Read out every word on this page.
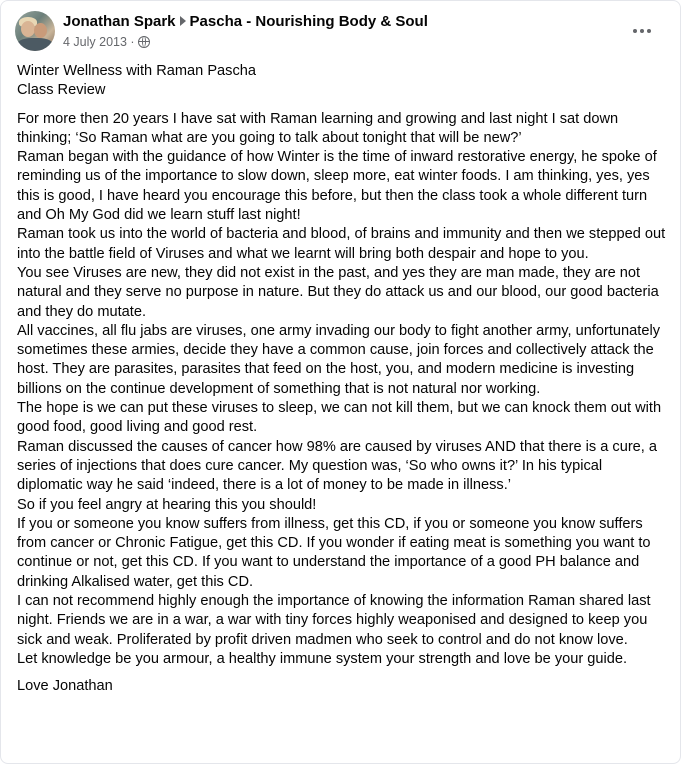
Jonathan Spark Pascha - Nourishing Body & Soul
4 July 2013 ·

Winter Wellness with Raman Pascha

Class Review

For more then 20 years I have sat with Raman learning and growing and last night I sat down thinking; ‘So Raman what are you going to talk about tonight that will be new?’

Raman began with the guidance of how Winter is the time of inward restorative energy, he spoke of reminding us of the importance to slow down, sleep more, eat winter foods. I am thinking, yes, yes this is good, I have heard you encourage this before, but then the class took a whole different turn and Oh My God did we learn stuff last night!

Raman took us into the world of bacteria and blood, of brains and immunity and then we stepped out into the battle field of Viruses and what we learnt will bring both despair and hope to you.

You see Viruses are new, they did not exist in the past, and yes they are man made, they are not natural and they serve no purpose in nature. But they do attack us and our blood, our good bacteria and they do mutate.

All vaccines, all flu jabs are viruses, one army invading our body to fight another army, unfortunately sometimes these armies, decide they have a common cause, join forces and collectively attack the host. They are parasites, parasites that feed on the host, you, and modern medicine is investing billions on the continue development of something that is not natural nor working.

The hope is we can put these viruses to sleep, we can not kill them, but we can knock them out with good food, good living and good rest.

Raman discussed the causes of cancer how 98% are caused by viruses AND that there is a cure, a series of injections that does cure cancer. My question was, ‘So who owns it?’ In his typical diplomatic way he said ‘indeed, there is a lot of money to be made in illness.’

So if you feel angry at hearing this you should!

If you or someone you know suffers from illness, get this CD, if you or someone you know suffers from cancer or Chronic Fatigue, get this CD. If you wonder if eating meat is something you want to continue or not, get this CD. If you want to understand the importance of a good PH balance and drinking Alkalised water, get this CD.

I can not recommend highly enough the importance of knowing the information Raman shared last night. Friends we are in a war, a war with tiny forces highly weaponised and designed to keep you sick and weak. Proliferated by profit driven madmen who seek to control and do not know love.

Let knowledge be you armour, a healthy immune system your strength and love be your guide.

Love Jonathan
